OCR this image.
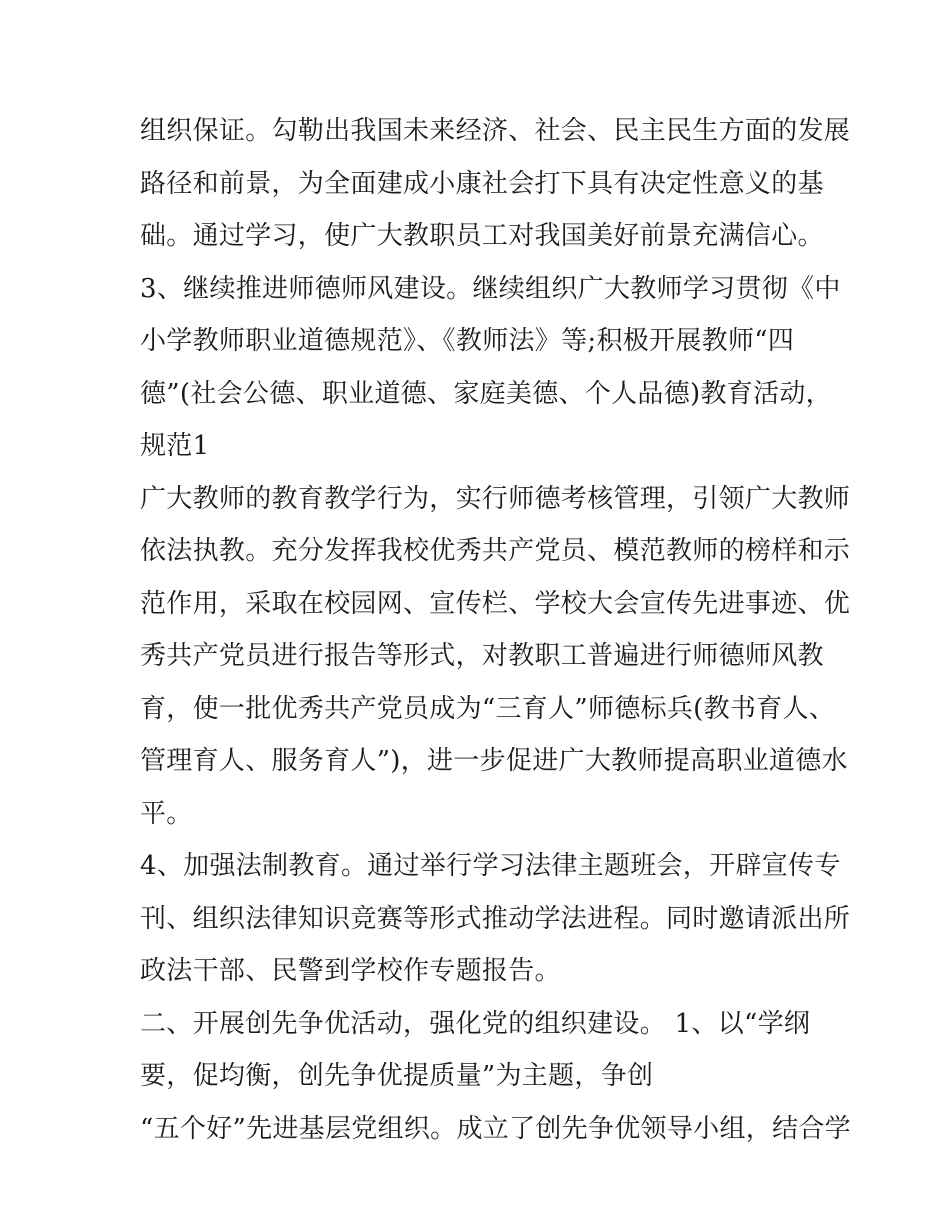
组织保证。勾勒出我国未来经济、社会、民主民生方面的发展
路径和前景，为全面建成小康社会打下具有决定性意义的基
础。通过学习，使广大教职员工对我国美好前景充满信心。
3、继续推进师德师风建设。继续组织广大教师学习贯彻《中
小学教师职业道德规范》、《教师法》等;积极开展教师“四
德”(社会公德、职业道德、家庭美德、个人品德)教育活动，
规范1
广大教师的教育教学行为，实行师德考核管理，引领广大教师
依法执教。充分发挥我校优秀共产党员、模范教师的榜样和示
范作用，采取在校园网、宣传栏、学校大会宣传先进事迹、优
秀共产党员进行报告等形式，对教职工普遍进行师德师风教
育，使一批优秀共产党员成为“三育人”师德标兵(教书育人、
管理育人、服务育人”)，进一步促进广大教师提高职业道德水
平。
4、加强法制教育。通过举行学习法律主题班会，开辟宣传专
刊、组织法律知识竞赛等形式推动学法进程。同时邀请派出所
政法干部、民警到学校作专题报告。
二、开展创先争优活动，强化党的组织建设。 1、以“学纲
要，促均衡，创先争优提质量”为主题，争创
“五个好”先进基层党组织。成立了创先争优领导小组，结合学
